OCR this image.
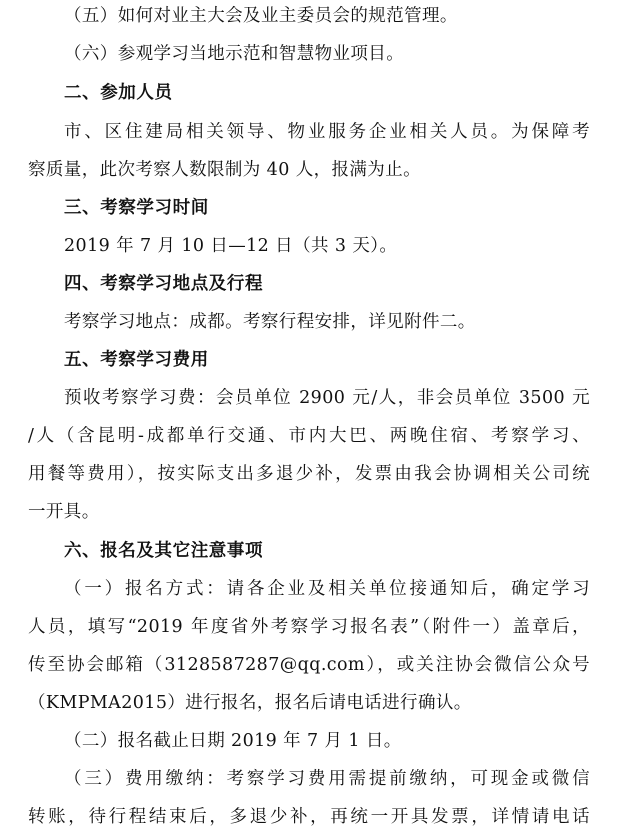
（五）如何对业主大会及业主委员会的规范管理。
（六）参观学习当地示范和智慧物业项目。
二、参加人员
市、区住建局相关领导、物业服务企业相关人员。为保障考
察质量，此次考察人数限制为 40 人，报满为止。
三、考察学习时间
2019 年 7 月 10 日—12 日（共 3 天）。
四、考察学习地点及行程
考察学习地点：成都。考察行程安排，详见附件二。
五、考察学习费用
预收考察学习费：会员单位 2900 元/人，非会员单位 3500 元
/人（含昆明-成都单行交通、市内大巴、两晚住宿、考察学习、
用餐等费用），按实际支出多退少补，发票由我会协调相关公司统
一开具。
六、报名及其它注意事项
（一）报名方式：请各企业及相关单位接通知后，确定学习
人员，填写“2019 年度省外考察学习报名表”（附件一）盖章后，
传至协会邮箱（312858728​7@qq.com），或关注协会微信公众号
（KMPMA2015）进行报名，报名后请电话进行确认。
（二）报名截止日期 2019 年 7 月 1 日。
（三）费用缴纳：考察学习费用需提前缴纳，可现金或微信
转账，待行程结束后，多退少补，再统一开具发票，详情请电话
